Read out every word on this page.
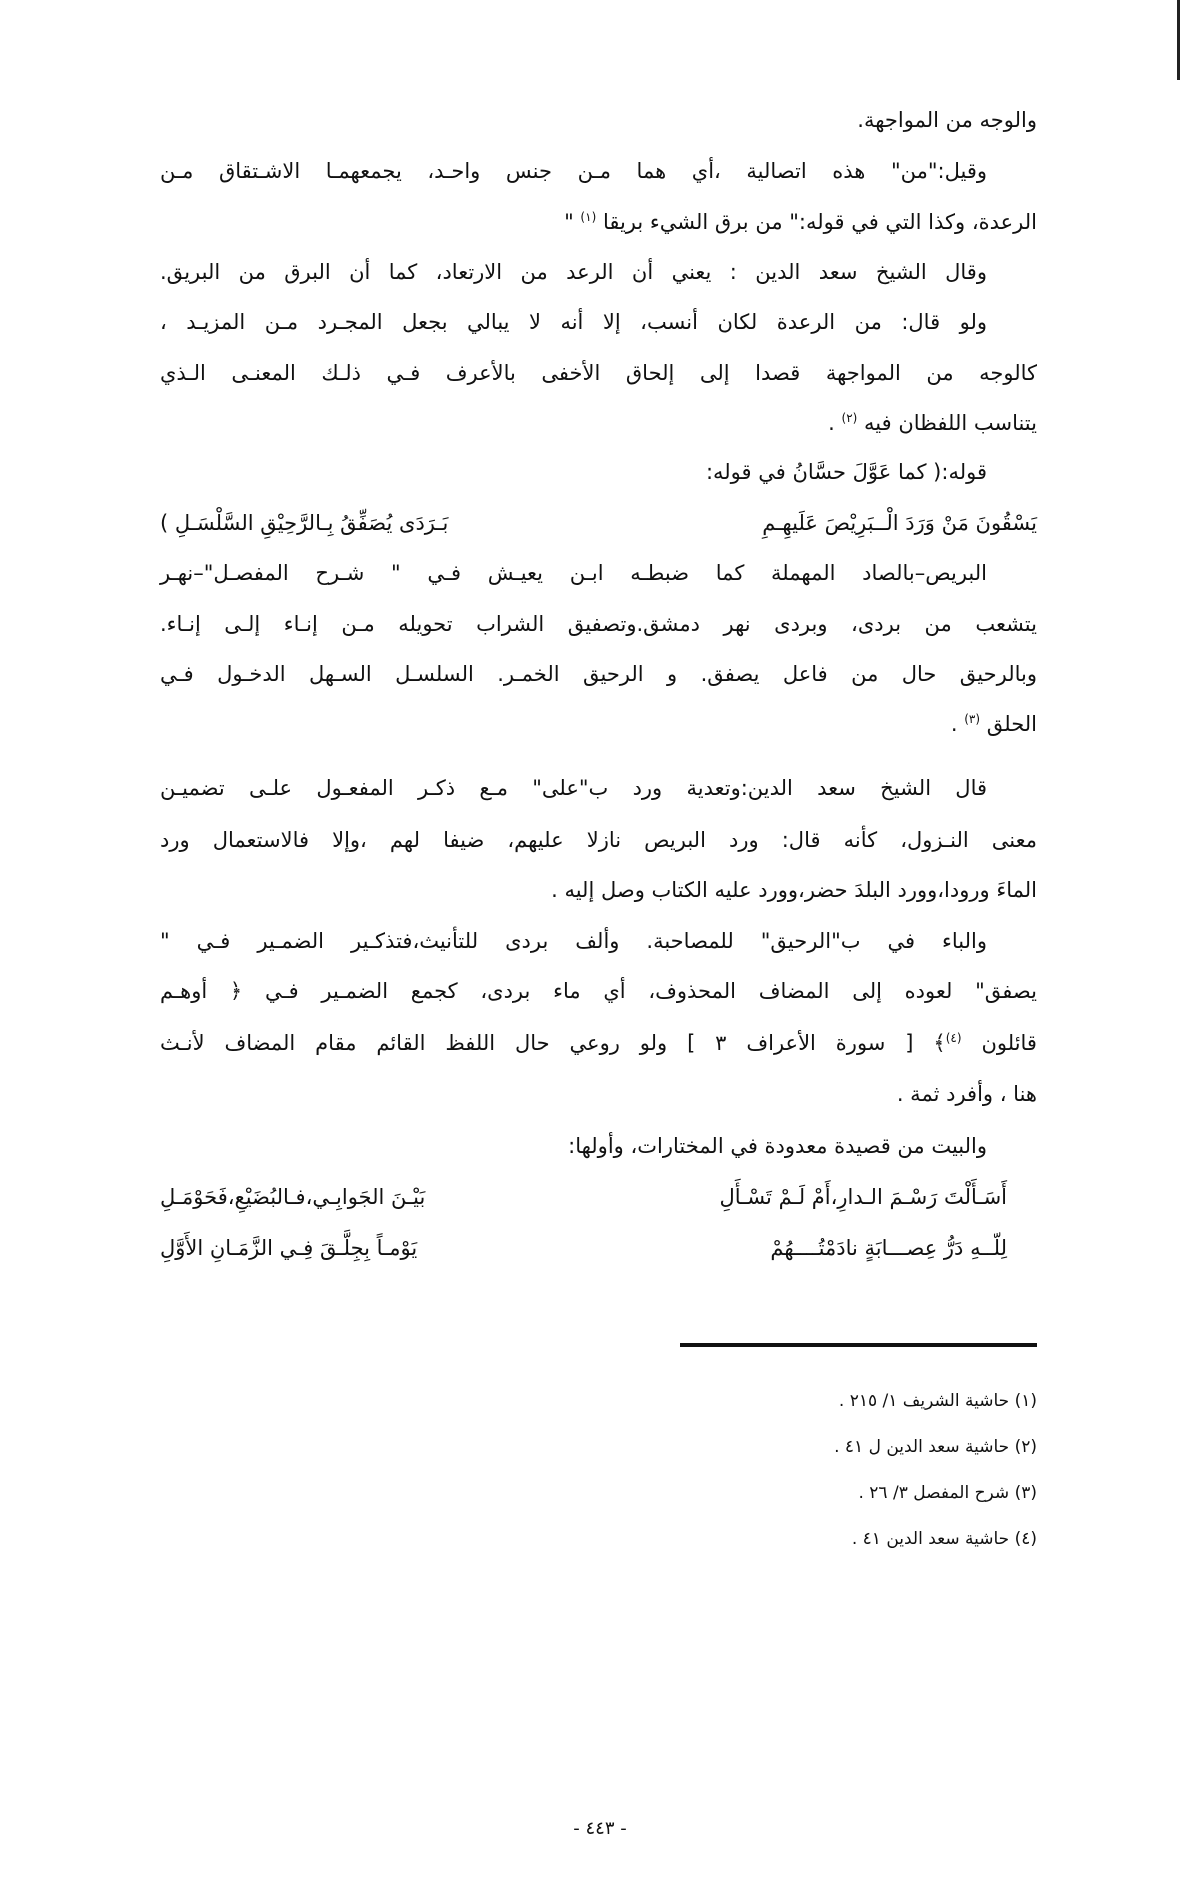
والوجه من المواجهة.
وقيل:"من" هذه اتصالية ،أي هما مـن جنس واحـد، يجمعهمـا الاشـتقاق مـن
الرعدة، وكذا التي في قوله:" من برق الشيء بريقا $^{(١)}$ "
وقال الشيخ سعد الدين : يعني أن الرعد من الارتعاد، كما أن البرق من البريق.
ولو قال: من الرعدة لكان أنسب، إلا أنه لا يبالي بجعل المجـرد مـن المزيـد ،
كالوجه من المواجهة قصدا إلى إلحاق الأخفى بالأعرف فـي ذلـك المعنـى الـذي
يتناسب اللفظان فيه $^{(٢)}$ .
قوله:( كما عَوَّلَ حسَّانُ في قوله:
يَسْقُونَ مَنْ وَرَدَ الْــبَرِيْصَ عَلَيهِـمِ
بَـرَدَى يُصَفِّقُ بِـالرَّحِيْقِ السَّلْسَـلِ )
البريص–بالصاد المهملة كما ضبطـه ابـن يعيـش فـي " شـرح المفصـل"–نهـر
يتشعب من بردى، وبردى نهر دمشق.وتصفيق الشراب تحويله مـن إنـاء إلـى إنـاء.
وبالرحيق حال من فاعل يصفق. و الرحيق الخمـر. السلسـل السـهل الدخـول فـي
الحلق $^{(٣)}$ .
قال الشيخ سعد الدين:وتعدية ورد ب"على" مـع ذكـر المفعـول علـى تضميـن
معنى النـزول، كأنه قال: ورد البريص نازلا عليهم، ضيفا لهم ،وإلا فالاستعمال ورد
الماءَ ورودا،وورد البلدَ حضر،وورد عليه الكتاب وصل إليه .
والباء في ب"الرحيق" للمصاحبة. وألف بردى للتأنيث،فتذكـير الضمـير فـي "
يصفق" لعوده إلى المضاف المحذوف، أي ماء بردى، كجمع الضمـير فـي ﴿ أوهـم
قائلون $^{(٤)}$﴾ [ سورة الأعراف ٣ ] ولو روعي حال اللفظ القائم مقام المضاف لأنـث
هنا ، وأفرد ثمة .
والبيت من قصيدة معدودة في المختارات، وأولها:
أَسَـأَلْتَ رَسْـمَ الـدارِ،أَمْ لَـمْ تَسْـأَلِ
بَيْـنَ الجَوابِـي،فـالبُضَيْعِ،فَحَوْمَـلِ
لِلّــهِ دَرُّ عِصـــابَةٍ نادَمْتُــــهُمْ
يَوْمـاً بِجِلَّـقَ فِـي الزَّمَـانِ الأَوَّلِ
(١) حاشية الشريف ١/ ٢١٥ .
(٢) حاشية سعد الدين ل ٤١ .
(٣) شرح المفصل ٣/ ٢٦ .
(٤) حاشية سعد الدين ٤١ .
- ٤٤٣ -
